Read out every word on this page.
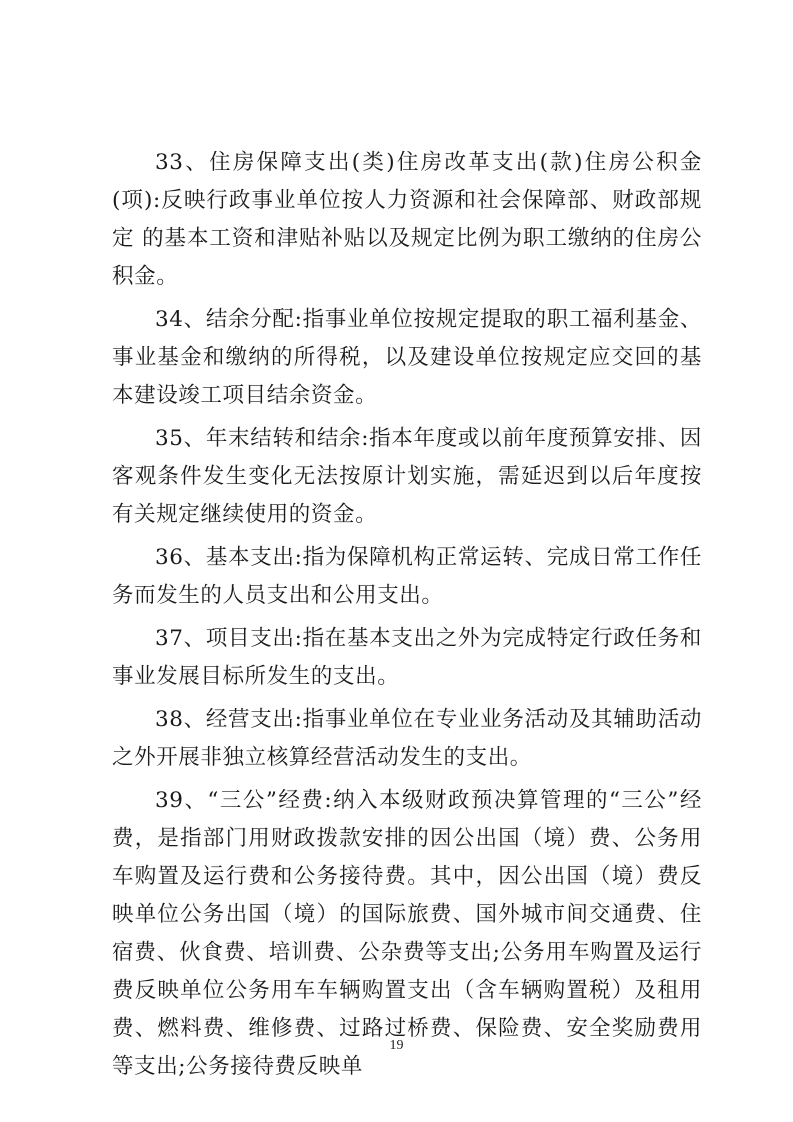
33、住房保障支出(类)住房改革支出(款)住房公积金(项):反映行政事业单位按人力资源和社会保障部、财政部规定 的基本工资和津贴补贴以及规定比例为职工缴纳的住房公积金。

34、结余分配:指事业单位按规定提取的职工福利基金、事业基金和缴纳的所得税，以及建设单位按规定应交回的基本建设竣工项目结余资金。

35、年末结转和结余:指本年度或以前年度预算安排、因客观条件发生变化无法按原计划实施，需延迟到以后年度按有关规定继续使用的资金。

36、基本支出:指为保障机构正常运转、完成日常工作任务而发生的人员支出和公用支出。

37、项目支出:指在基本支出之外为完成特定行政任务和事业发展目标所发生的支出。

38、经营支出:指事业单位在专业业务活动及其辅助活动之外开展非独立核算经营活动发生的支出。

39、“三公”经费:纳入本级财政预决算管理的“三公”经费，是指部门用财政拨款安排的因公出国（境）费、公务用车购置及运行费和公务接待费。其中，因公出国（境）费反映单位公务出国（境）的国际旅费、国外城市间交通费、住宿费、伙食费、培训费、公杂费等支出;公务用车购置及运行费反映单位公务用车车辆购置支出（含车辆购置税）及租用费、燃料费、维修费、过路过桥费、保险费、安全奖励费用等支出;公务接待费反映单

19
